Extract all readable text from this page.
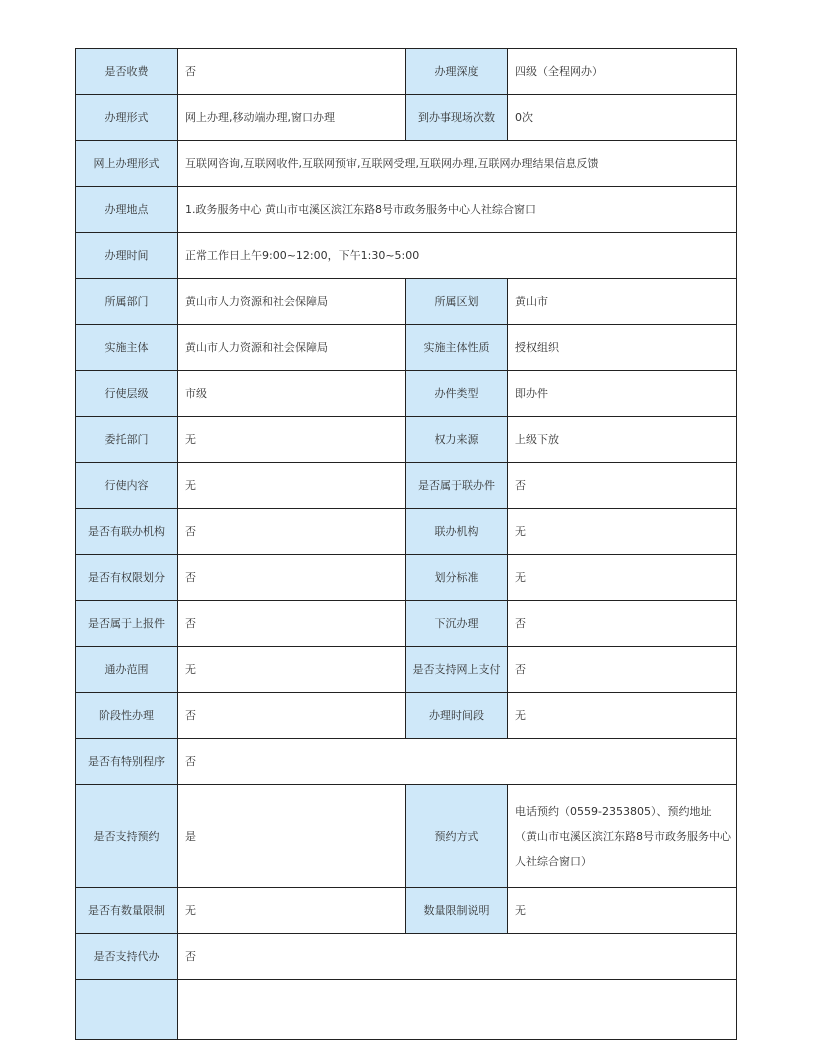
是否收费	否	办理深度	四级（全程网办）
办理形式	网上办理,移动端办理,窗口办理	到办事现场次数	0次
网上办理形式	互联网咨询,互联网收件,互联网预审,互联网受理,互联网办理,互联网办理结果信息反馈		
办理地点	1.政务服务中心 黄山市屯溪区滨江东路8号市政务服务中心人社综合窗口		
办理时间	正常工作日上午9:00~12:00，下午1:30~5:00		
所属部门	黄山市人力资源和社会保障局	所属区划	黄山市
实施主体	黄山市人力资源和社会保障局	实施主体性质	授权组织
行使层级	市级	办件类型	即办件
委托部门	无	权力来源	上级下放
行使内容	无	是否属于联办件	否
是否有联办机构	否	联办机构	无
是否有权限划分	否	划分标准	无
是否属于上报件	否	下沉办理	否
通办范围	无	是否支持网上支付	否
阶段性办理	否	办理时间段	无
是否有特别程序	否		
是否支持预约	是	预约方式	电话预约（0559-2353805）、预约地址（黄山市屯溪区滨江东路8号市政务服务中心人社综合窗口）
是否有数量限制	无	数量限制说明	无
是否支持代办	否		
